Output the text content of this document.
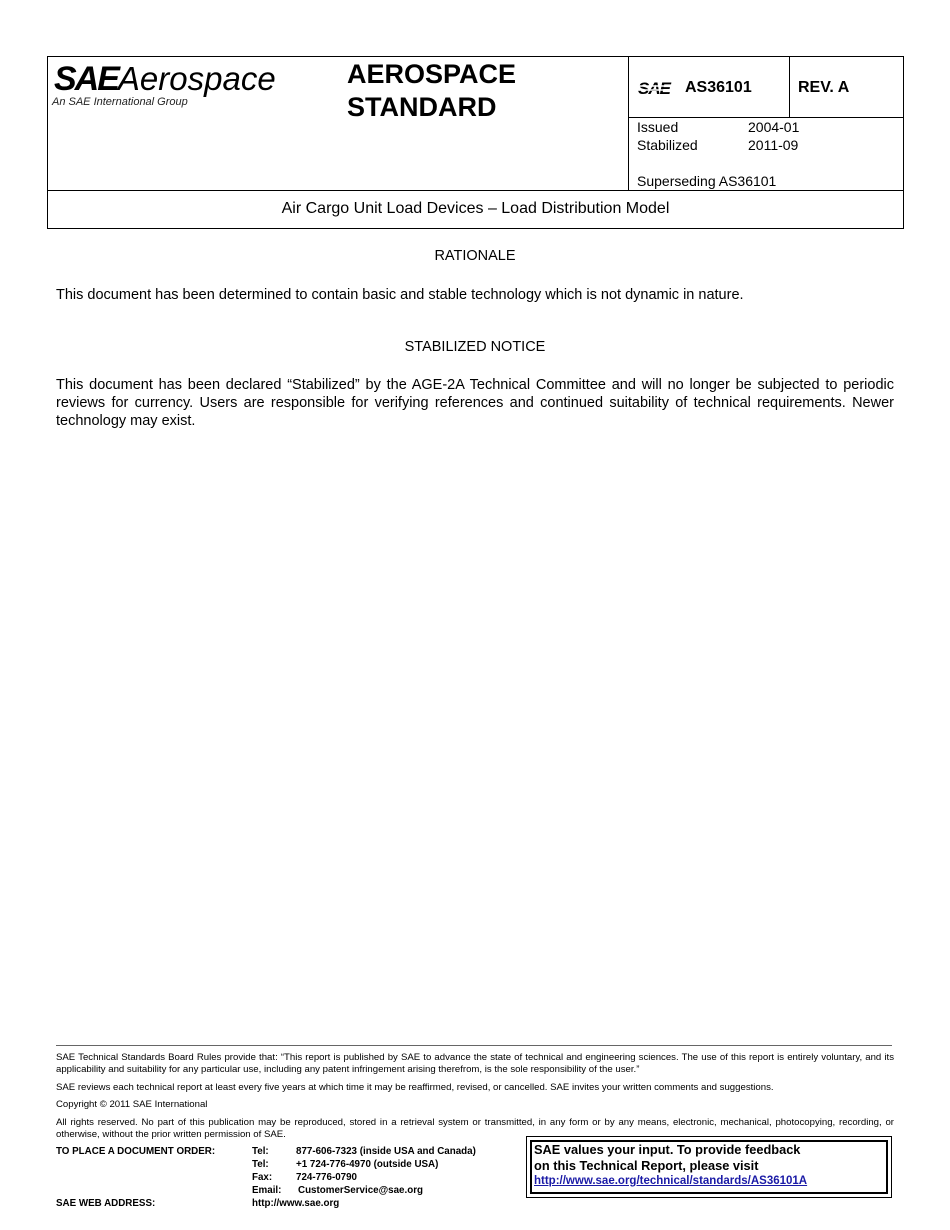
SAEAerospace
An SAE International Group
AEROSPACE
STANDARD
SAE AS36101	REV. A
Issued	2004-01
Stabilized	2011-09
Superseding AS36101
Air Cargo Unit Load Devices – Load Distribution Model
RATIONALE
This document has been determined to contain basic and stable technology which is not dynamic in nature.
STABILIZED NOTICE
This document has been declared “Stabilized” by the AGE-2A Technical Committee and will no longer be subjected to periodic reviews for currency. Users are responsible for verifying references and continued suitability of technical requirements. Newer technology may exist.
SAE Technical Standards Board Rules provide that: “This report is published by SAE to advance the state of technical and engineering sciences. The use of this report is entirely voluntary, and its applicability and suitability for any particular use, including any patent infringement arising therefrom, is the sole responsibility of the user.”
SAE reviews each technical report at least every five years at which time it may be reaffirmed, revised, or cancelled. SAE invites your written comments and suggestions.
Copyright © 2011 SAE International
All rights reserved. No part of this publication may be reproduced, stored in a retrieval system or transmitted, in any form or by any means, electronic, mechanical, photocopying, recording, or otherwise, without the prior written permission of SAE.
TO PLACE A DOCUMENT ORDER:	Tel:	877-606-7323 (inside USA and Canada)
Tel:	+1 724-776-4970 (outside USA)
Fax: 724-776-0790
Email: CustomerService@sae.org
SAE WEB ADDRESS:	http://www.sae.org
SAE values your input. To provide feedback
on this Technical Report, please visit
http://www.sae.org/technical/standards/AS36101A
